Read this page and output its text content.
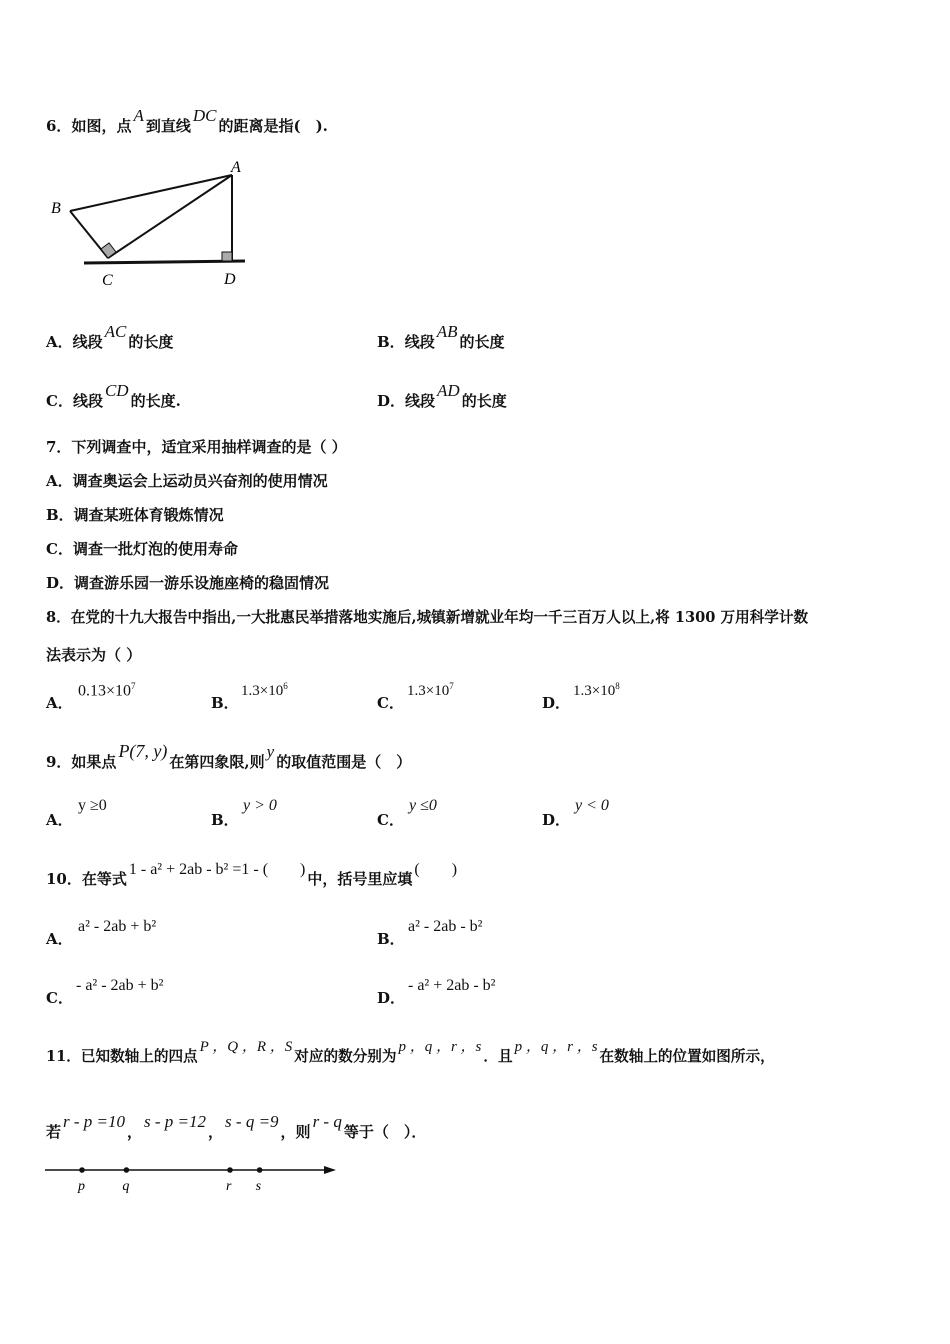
6．如图，点A到直线DC的距离是指(　).
A
B
C	D
A．线段AC的长度	B．线段AB的长度
C．线段CD的长度.	D．线段AD的长度
7．下列调查中，适宜采用抽样调查的是（ ）
A．调查奥运会上运动员兴奋剂的使用情况
B．调查某班体育锻炼情况
C．调查一批灯泡的使用寿命
D．调查游乐园一游乐设施座椅的稳固情况
8．在党的十九大报告中指出,一大批惠民举措落地实施后,城镇新增就业年均一千三百万人以上,将 1300 万用科学计数
法表示为（ ）
A．
$0.13\times 10^7$
B．
$1.3\times 10^6$
C．
$1.3\times 10^7$
D．
$1.3\times 10^8$
9．如果点P(7, y)在第四象限,则y的取值范围是（　）
A．
y ≥0
B．
y > 0
C．
y ≤0
D．
y < 0
10．在等式1 - a² + 2ab - b² =1 - (　　)中，括号里应填(　　)
A．
a² - 2ab + b²
B．
a² - 2ab - b²
C．
- a² - 2ab + b²
D．
- a² + 2ab - b²
11．已知数轴上的四点P ，Q ，R ，S对应的数分别为p ，q ，r ，s．且p ，q ，r ，s在数轴上的位置如图所示，
若r - p =10，s - p =12，s - q =9，则r - q等于（　）．
p	q	r s
